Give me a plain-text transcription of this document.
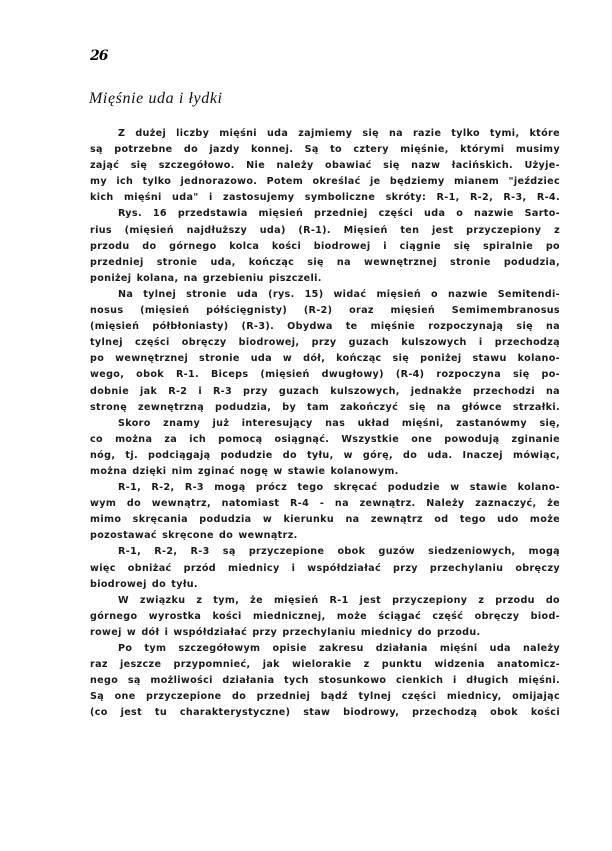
26
Mięśnie uda i łydki
Z dużej liczby mięśni uda zajmiemy się na razie tylko tymi, które
są potrzebne do jazdy konnej. Są to cztery mięśnie, którymi musimy
zająć się szczegółowo. Nie należy obawiać się nazw łacińskich. Użyje-
my ich tylko jednorazowo. Potem określać je będziemy mianem "jeździec
kich mięśni uda" i zastosujemy symboliczne skróty: R-1, R-2, R-3, R-4.
Rys. 16 przedstawia mięsień przedniej części uda o nazwie Sarto-
rius (mięsień najdłuższy uda) (R-1). Mięsień ten jest przyczepiony z
przodu do górnego kolca kości biodrowej i ciągnie się spiralnie po
przedniej stronie uda, kończąc się na wewnętrznej stronie podudzia,
poniżej kolana, na grzebieniu piszczeli.
Na tylnej stronie uda (rys. 15) widać mięsień o nazwie Semitendi-
nosus (mięsień półścięgnisty) (R-2) oraz mięsień Semimembranosus
(mięsień półbłoniasty) (R-3). Obydwa te mięśnie rozpoczynają się na
tylnej części obręczy biodrowej, przy guzach kulszowych i przechodzą
po wewnętrznej stronie uda w dół, kończąc się poniżej stawu kolano-
wego, obok R-1. Biceps (mięsień dwugłowy) (R-4) rozpoczyna się po-
dobnie jak R-2 i R-3 przy guzach kulszowych, jednakże przechodzi na
stronę zewnętrzną podudzia, by tam zakończyć się na główce strzałki.
Skoro znamy już interesujący nas układ mięśni, zastanówmy się,
co można za ich pomocą osiągnąć. Wszystkie one powodują zginanie
nóg, tj. podciągają podudzie do tyłu, w górę, do uda. Inaczej mówiąc,
można dzięki nim zginać nogę w stawie kolanowym.
R-1, R-2, R-3 mogą prócz tego skręcać podudzie w stawie kolano-
wym do wewnątrz, natomiast R-4 - na zewnątrz. Należy zaznaczyć, że
mimo skręcania podudzia w kierunku na zewnątrz od tego udo może
pozostawać skręcone do wewnątrz.
R-1, R-2, R-3 są przyczepione obok guzów siedzeniowych, mogą
więc obniżać przód miednicy i współdziałać przy przechylaniu obręczy
biodrowej do tyłu.
W związku z tym, że mięsień R-1 jest przyczepiony z przodu do
górnego wyrostka kości miednicznej, może ściągać część obręczy biod-
rowej w dół i współdziałać przy przechylaniu miednicy do przodu.
Po tym szczegółowym opisie zakresu działania mięśni uda należy
raz jeszcze przypomnieć, jak wielorakie z punktu widzenia anatomicz-
nego są możliwości działania tych stosunkowo cienkich i długich mięśni.
Są one przyczepione do przedniej bądź tylnej części miednicy, omijając
(co jest tu charakterystyczne) staw biodrowy, przechodzą obok kości
